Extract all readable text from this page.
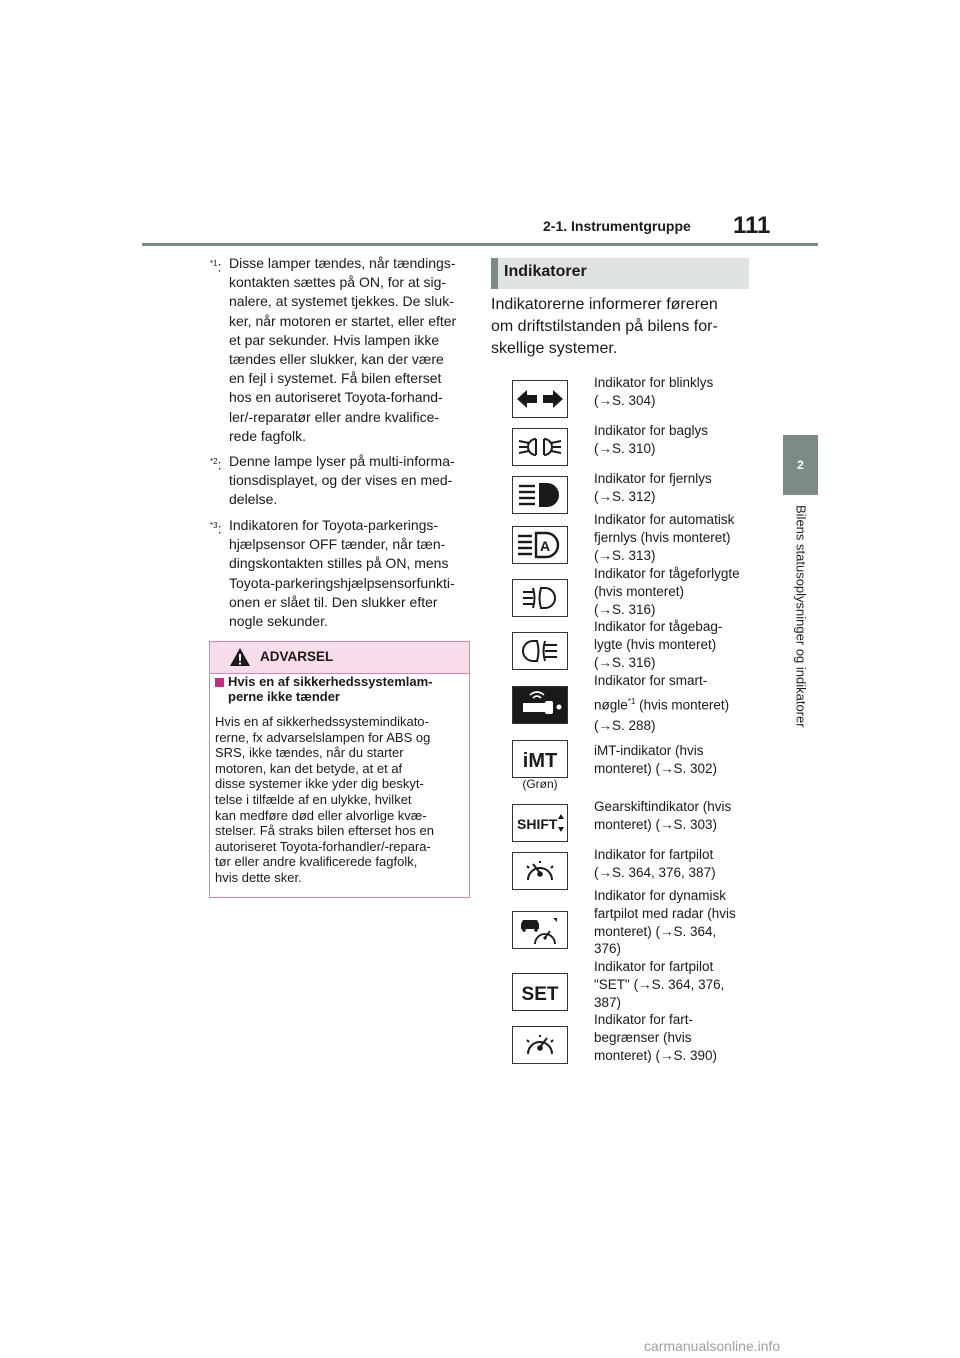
2-1. Instrumentgruppe 111
2
Bilens statusoplysninger og indikatorer
$^{*1}$: Disse lamper tændes, når tændings-
kontakten sættes på ON, for at sig-
nalere, at systemet tjekkes. De sluk-
ker, når motoren er startet, eller efter
et par sekunder. Hvis lampen ikke
tændes eller slukker, kan der være
en fejl i systemet. Få bilen efterset
hos en autoriseret Toyota-forhand-
ler/-reparatør eller andre kvalifice-
rede fagfolk.
$^{*2}$: Denne lampe lyser på multi-informa-
tionsdisplayet, og der vises en med-
delelse.
$^{*3}$: Indikatoren for Toyota-parkerings-
hjælpsensor OFF tænder, når tæn-
dingskontakten stilles på ON, mens
Toyota-parkeringshjælpsensorfunkti-
onen er slået til. Den slukker efter
nogle sekunder.
ADVARSEL
Hvis en af sikkerhedssystemlam-
perne ikke tænder
Hvis en af sikkerhedssystemindikato-
rerne, fx advarselslampen for ABS og
SRS, ikke tændes, når du starter
motoren, kan det betyde, at et af
disse systemer ikke yder dig beskyt-
telse i tilfælde af en ulykke, hvilket
kan medføre død eller alvorlige kvæ-
stelser. Få straks bilen efterset hos en
autoriseret Toyota-forhandler/-repara-
tør eller andre kvalificerede fagfolk,
hvis dette sker.
Indikatorer
Indikatorerne informerer føreren
om driftstilstanden på bilens for-
skellige systemer.
A
iMT
(Grøn)
SHIFT
SET
Indikator for blinklys
(→S. 304)
Indikator for baglys
(→S. 310)
Indikator for fjernlys
(→S. 312)
Indikator for automatisk
fjernlys (hvis monteret)
(→S. 313)
Indikator for tågeforlygte
(hvis monteret)
(→S. 316)
Indikator for tågebag-
lygte (hvis monteret)
(→S. 316)
Indikator for smart-
nøgle$^{*1}$ (hvis monteret)
(→S. 288)
iMT-indikator (hvis
monteret) (→S. 302)
Gearskiftindikator (hvis
monteret) (→S. 303)
Indikator for fartpilot
(→S. 364, 376, 387)
Indikator for dynamisk
fartpilot med radar (hvis
monteret) (→S. 364,
376)
Indikator for fartpilot
"SET" (→S. 364, 376,
387)
Indikator for fart-
begrænser (hvis
monteret) (→S. 390)
carmanualsonline.info
